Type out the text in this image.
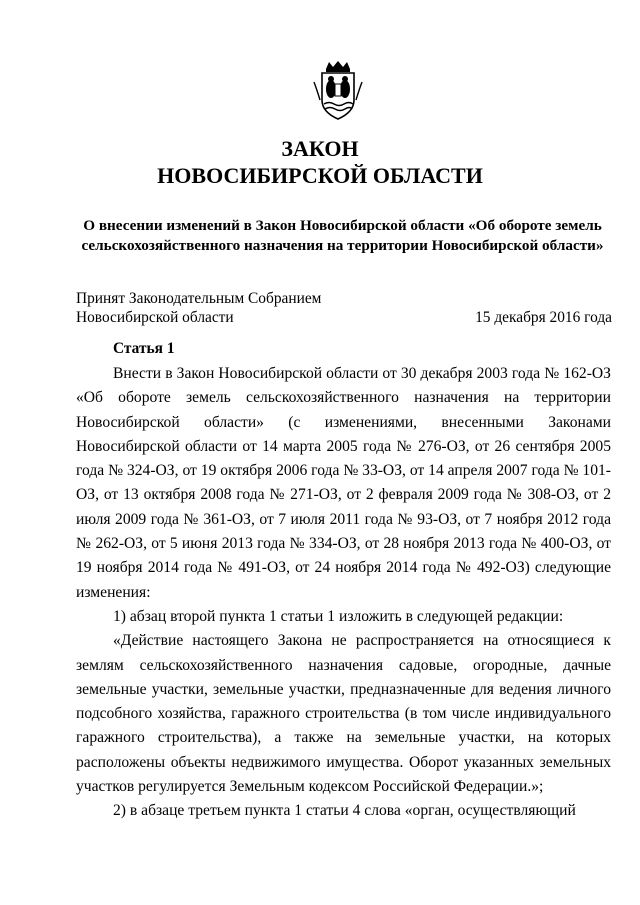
ЗАКОН
НОВОСИБИРСКОЙ ОБЛАСТИ
О внесении изменений в Закон Новосибирской области «Об обороте земель
сельскохозяйственного назначения на территории Новосибирской области»
Принят Законодательным Собранием
Новосибирской области	15 декабря 2016 года
Статья 1

Внести в Закон Новосибирской области от 30 декабря 2003 года № 162-ОЗ «Об обороте земель сельскохозяйственного назначения на территории Новосибирской области» (с изменениями, внесенными Законами Новосибирской области от 14 марта 2005 года № 276-ОЗ, от 26 сентября 2005 года № 324-ОЗ, от 19 октября 2006 года № 33-ОЗ, от 14 апреля 2007 года № 101-ОЗ, от 13 октября 2008 года № 271-ОЗ, от 2 февраля 2009 года № 308-ОЗ, от 2 июля 2009 года № 361-ОЗ, от 7 июля 2011 года № 93-ОЗ, от 7 ноября 2012 года № 262-ОЗ, от 5 июня 2013 года № 334-ОЗ, от 28 ноября 2013 года № 400-ОЗ, от 19 ноября 2014 года № 491-ОЗ, от 24 ноября 2014 года № 492-ОЗ) следующие изменения:

1) абзац второй пункта 1 статьи 1 изложить в следующей редакции:

«Действие настоящего Закона не распространяется на относящиеся к землям сельскохозяйственного назначения садовые, огородные, дачные земельные участки, земельные участки, предназначенные для ведения личного подсобного хозяйства, гаражного строительства (в том числе индивидуального гаражного строительства), а также на земельные участки, на которых расположены объекты недвижимого имущества. Оборот указанных земельных участков регулируется Земельным кодексом Российской Федерации.»;

2) в абзаце третьем пункта 1 статьи 4 слова «орган, осуществляющий
